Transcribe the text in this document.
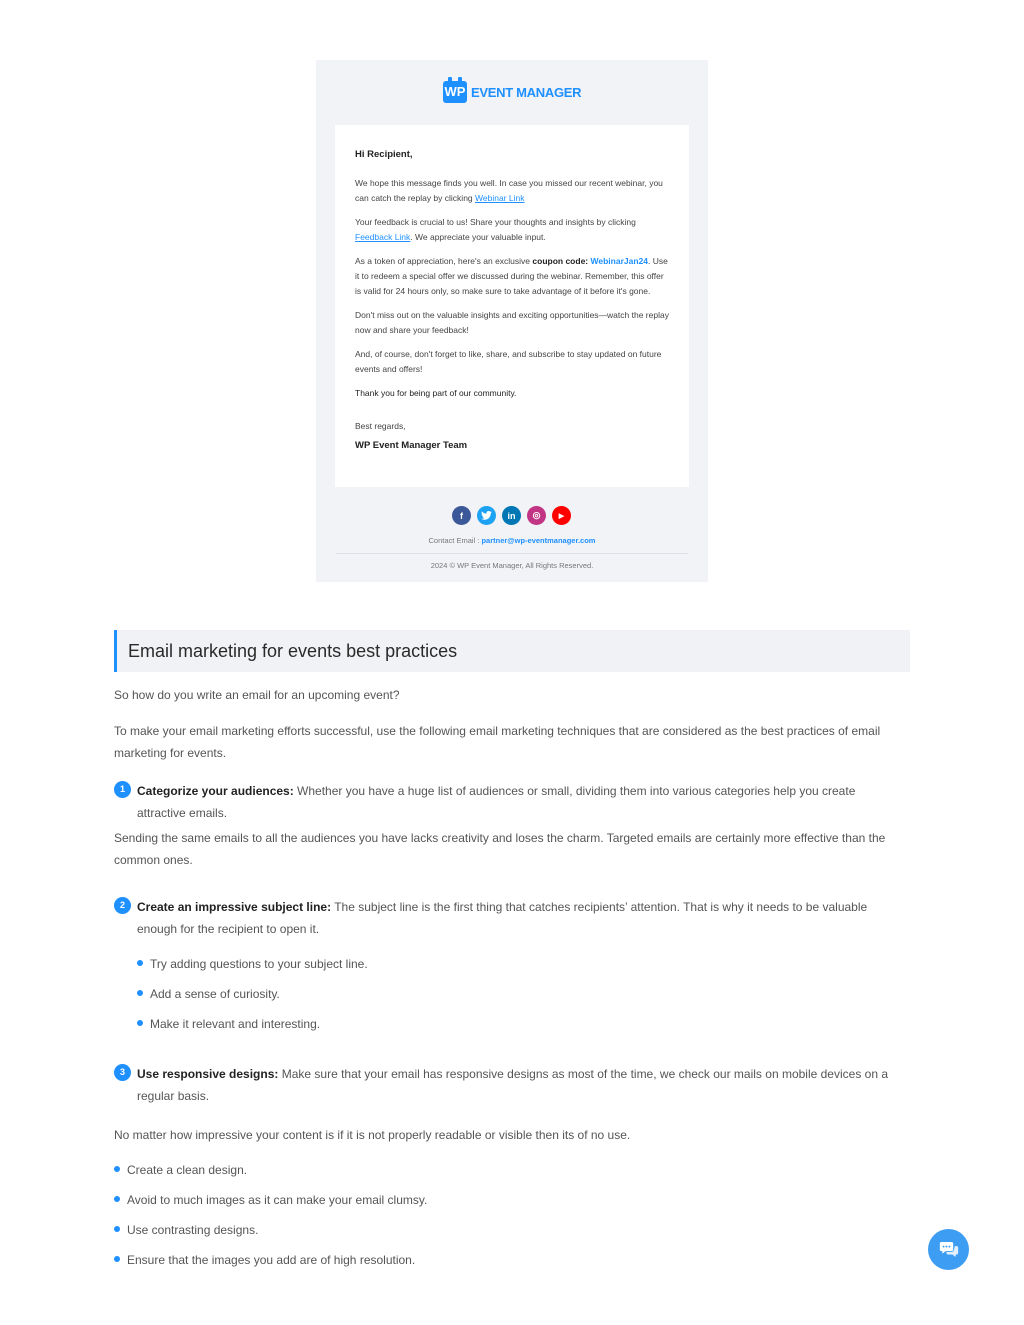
WP EVENT MANAGER

Hi Recipient,

We hope this message finds you well. In case you missed our recent webinar, you can catch the replay by clicking Webinar Link

Your feedback is crucial to us! Share your thoughts and insights by clicking Feedback Link. We appreciate your valuable input.

As a token of appreciation, here's an exclusive coupon code: WebinarJan24. Use it to redeem a special offer we discussed during the webinar. Remember, this offer is valid for 24 hours only, so make sure to take advantage of it before it's gone.

Don't miss out on the valuable insights and exciting opportunities—watch the replay now and share your feedback!

And, of course, don't forget to like, share, and subscribe to stay updated on future events and offers!

Thank you for being part of our community.

Best regards,

WP Event Manager Team

f	in	◎	▶
Contact Email : partner@wp-eventmanager.com
2024 © WP Event Manager, All Rights Reserved.
Email marketing for events best practices

So how do you write an email for an upcoming event?

To make your email marketing efforts successful, use the following email marketing techniques that are considered as the best practices of email marketing for events.

1	Categorize your audiences: Whether you have a huge list of audiences or small, dividing them into various categories help you create attractive emails.

Sending the same emails to all the audiences you have lacks creativity and loses the charm. Targeted emails are certainly more effective than the common ones.

2	Create an impressive subject line: The subject line is the first thing that catches recipients’ attention. That is why it needs to be valuable enough for the recipient to open it.

Try adding questions to your subject line.
Add a sense of curiosity.
Make it relevant and interesting.
3	Use responsive designs: Make sure that your email has responsive designs as most of the time, we check our mails on mobile devices on a regular basis.

No matter how impressive your content is if it is not properly readable or visible then its of no use.

Create a clean design.
Avoid to much images as it can make your email clumsy.
Use contrasting designs.
Ensure that the images you add are of high resolution.
